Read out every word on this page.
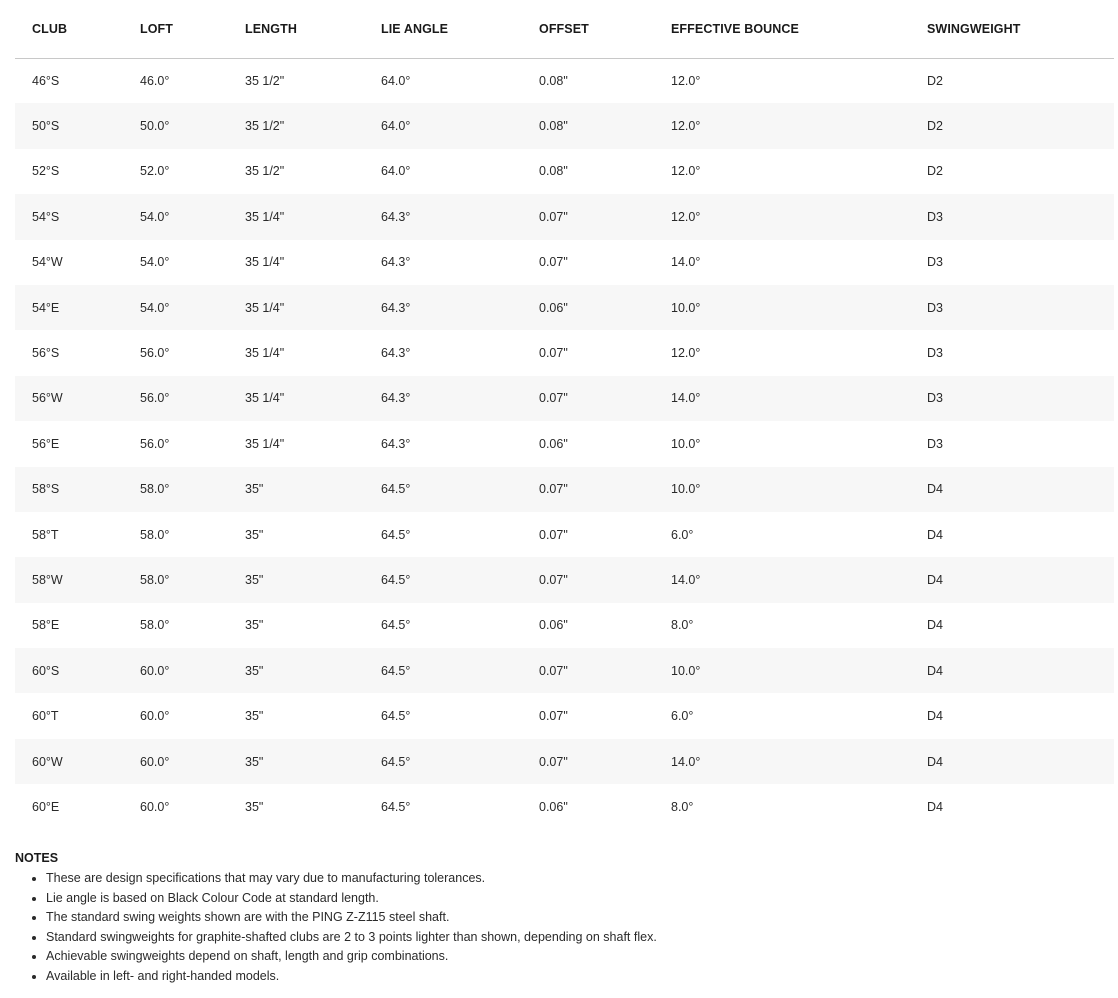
CLUB	LOFT	LENGTH	LIE ANGLE	OFFSET	EFFECTIVE BOUNCE	SWINGWEIGHT
46°S	46.0°	35 1/2"	64.0°	0.08"	12.0°	D2
50°S	50.0°	35 1/2"	64.0°	0.08"	12.0°	D2
52°S	52.0°	35 1/2"	64.0°	0.08"	12.0°	D2
54°S	54.0°	35 1/4"	64.3°	0.07"	12.0°	D3
54°W	54.0°	35 1/4"	64.3°	0.07"	14.0°	D3
54°E	54.0°	35 1/4"	64.3°	0.06"	10.0°	D3
56°S	56.0°	35 1/4"	64.3°	0.07"	12.0°	D3
56°W	56.0°	35 1/4"	64.3°	0.07"	14.0°	D3
56°E	56.0°	35 1/4"	64.3°	0.06"	10.0°	D3
58°S	58.0°	35"	64.5°	0.07"	10.0°	D4
58°T	58.0°	35"	64.5°	0.07"	6.0°	D4
58°W	58.0°	35"	64.5°	0.07"	14.0°	D4
58°E	58.0°	35"	64.5°	0.06"	8.0°	D4
60°S	60.0°	35"	64.5°	0.07"	10.0°	D4
60°T	60.0°	35"	64.5°	0.07"	6.0°	D4
60°W	60.0°	35"	64.5°	0.07"	14.0°	D4
60°E	60.0°	35"	64.5°	0.06"	8.0°	D4
NOTES
• These are design specifications that may vary due to manufacturing tolerances.
• Lie angle is based on Black Colour Code at standard length.
• The standard swing weights shown are with the PING Z-Z115 steel shaft.
• Standard swingweights for graphite-shafted clubs are 2 to 3 points lighter than shown, depending on shaft flex.
• Achievable swingweights depend on shaft, length and grip combinations.
• Available in left- and right-handed models.
